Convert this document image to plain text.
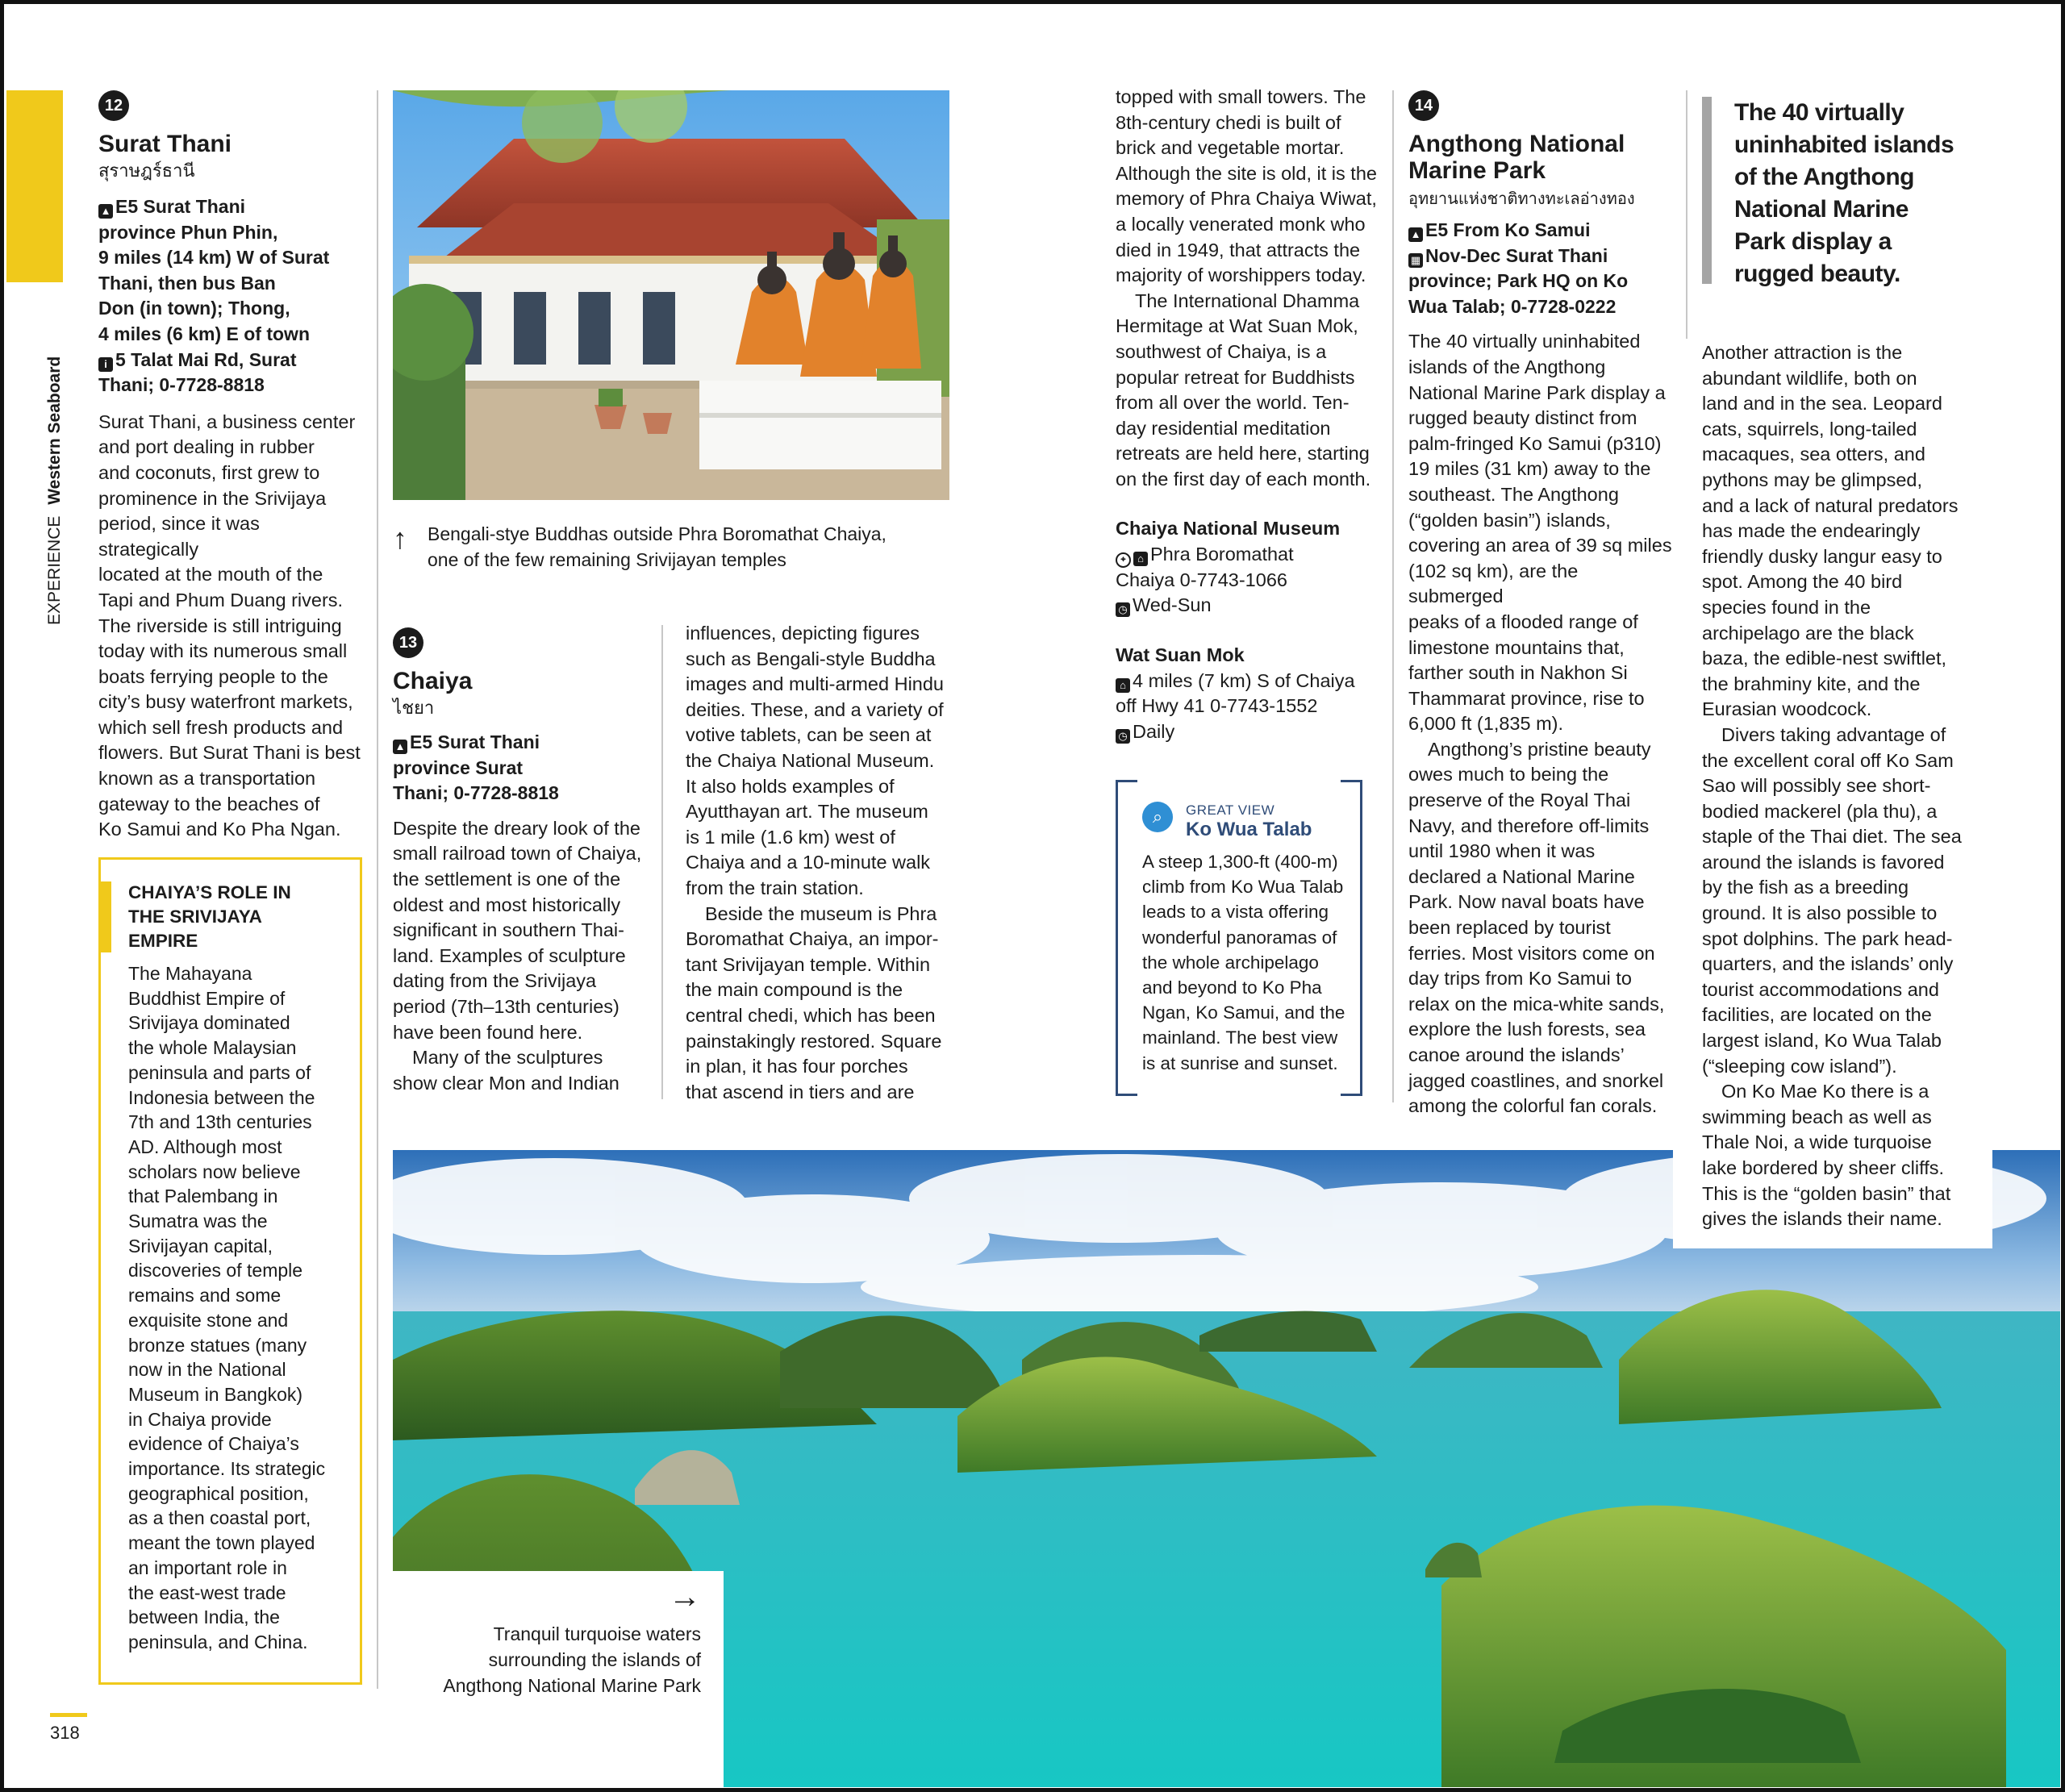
EXPERIENCE Western Seaboard
318
12
Surat Thani
สุราษฎร์ธานี
▲ E5 Surat Thani
province Phun Phin,
9 miles (14 km) W of Surat
Thani, then bus Ban
Don (in town); Thong,
4 miles (6 km) E of town
i 5 Talat Mai Rd, Surat
Thani; 0-7728-8818

Surat Thani, a business center

and port dealing in rubber

and coconuts, first grew to

prominence in the Srivijaya

period, since it was strategically

located at the mouth of the

Tapi and Phum Duang rivers.

The riverside is still intriguing

today with its numerous small

boats ferrying people to the

city’s busy waterfront markets,

which sell fresh products and

flowers. But Surat Thani is best

known as a transportation

gateway to the beaches of

Ko Samui and Ko Pha Ngan.

CHAIYA’S ROLE IN
THE SRIVIJAYA
EMPIRE

The Mahayana

Buddhist Empire of

Srivijaya dominated

the whole Malaysian

peninsula and parts of

Indonesia between the

7th and 13th centuries

AD. Although most

scholars now believe

that Palembang in

Sumatra was the

Srivijayan capital,

discoveries of temple

remains and some

exquisite stone and

bronze statues (many

now in the National

Museum in Bangkok)

in Chaiya provide

evidence of Chaiya’s

importance. Its strategic

geographical position,

as a then coastal port,

meant the town played

an important role in

the east-west trade

between India, the

peninsula, and China.

↑ Bengali-stye Buddhas outside Phra Boromathat Chaiya,
one of the few remaining Srivijayan temples
13
Chaiya
ไชยา
▲ E5 Surat Thani
province Surat
Thani; 0-7728-8818

Despite the dreary look of the

small railroad town of Chaiya,

the settlement is one of the

oldest and most historically

significant in southern Thai-

land. Examples of sculpture

dating from the Srivijaya

period (7th–13th centuries)

have been found here.

Many of the sculptures

show clear Mon and Indian

influences, depicting figures

such as Bengali-style Buddha

images and multi-armed Hindu

deities. These, and a variety of

votive tablets, can be seen at

the Chaiya National Museum.

It also holds examples of

Ayutthayan art. The museum

is 1 mile (1.6 km) west of

Chaiya and a 10-minute walk

from the train station.

Beside the museum is Phra

Boromathat Chaiya, an impor-

tant Srivijayan temple. Within

the main compound is the

central chedi, which has been

painstakingly restored. Square

in plan, it has four porches

that ascend in tiers and are

topped with small towers. The

8th-century chedi is built of

brick and vegetable mortar.

Although the site is old, it is the

memory of Phra Chaiya Wiwat,

a locally venerated monk who

died in 1949, that attracts the

majority of worshippers today.

The International Dhamma

Hermitage at Wat Suan Mok,

southwest of Chaiya, is a

popular retreat for Buddhists

from all over the world. Ten-

day residential meditation

retreats are held here, starting

on the first day of each month.

Chaiya National Museum
⌖ ⌂ Phra Boromathat
Chaiya 0-7743-1066
◷ Wed-Sun
Wat Suan Mok
⌂ 4 miles (7 km) S of Chaiya
off Hwy 41 0-7743-1552
◷ Daily
⌕	GREAT VIEW
Ko Wua Talab

A steep 1,300-ft (400-m)

climb from Ko Wua Talab

leads to a vista offering

wonderful panoramas of

the whole archipelago

and beyond to Ko Pha

Ngan, Ko Samui, and the

mainland. The best view

is at sunrise and sunset.

14
Angthong National
Marine Park
อุทยานแห่งชาติทางทะเลอ่างทอง
▲ E5 From Ko Samui
▦ Nov-Dec Surat Thani
province; Park HQ on Ko
Wua Talab; 0-7728-0222

The 40 virtually uninhabited

islands of the Angthong

National Marine Park display a

rugged beauty distinct from

palm-fringed Ko Samui (p310)

19 miles (31 km) away to the

southeast. The Angthong

(“golden basin”) islands,

covering an area of 39 sq miles

(102 sq km), are the submerged

peaks of a flooded range of

limestone mountains that,

farther south in Nakhon Si

Thammarat province, rise to

6,000 ft (1,835 m).

Angthong’s pristine beauty

owes much to being the

preserve of the Royal Thai

Navy, and therefore off-limits

until 1980 when it was

declared a National Marine

Park. Now naval boats have

been replaced by tourist

ferries. Most visitors come on

day trips from Ko Samui to

relax on the mica-white sands,

explore the lush forests, sea

canoe around the islands’

jagged coastlines, and snorkel

among the colorful fan corals.

The 40 virtually
uninhabited islands
of the Angthong
National Marine
Park display a
rugged beauty.

Another attraction is the

abundant wildlife, both on

land and in the sea. Leopard

cats, squirrels, long-tailed

macaques, sea otters, and

pythons may be glimpsed,

and a lack of natural predators

has made the endearingly

friendly dusky langur easy to

spot. Among the 40 bird

species found in the

archipelago are the black

baza, the edible-nest swiftlet,

the brahminy kite, and the

Eurasian woodcock.

Divers taking advantage of

the excellent coral off Ko Sam

Sao will possibly see short-

bodied mackerel (pla thu), a

staple of the Thai diet. The sea

around the islands is favored

by the fish as a breeding

ground. It is also possible to

spot dolphins. The park head-

quarters, and the islands’ only

tourist accommodations and

facilities, are located on the

largest island, Ko Wua Talab

(“sleeping cow island”).

On Ko Mae Ko there is a

swimming beach as well as

Thale Noi, a wide turquoise

lake bordered by sheer cliffs.

This is the “golden basin” that

gives the islands their name.

→
Tranquil turquoise waters
surrounding the islands of
Angthong National Marine Park
